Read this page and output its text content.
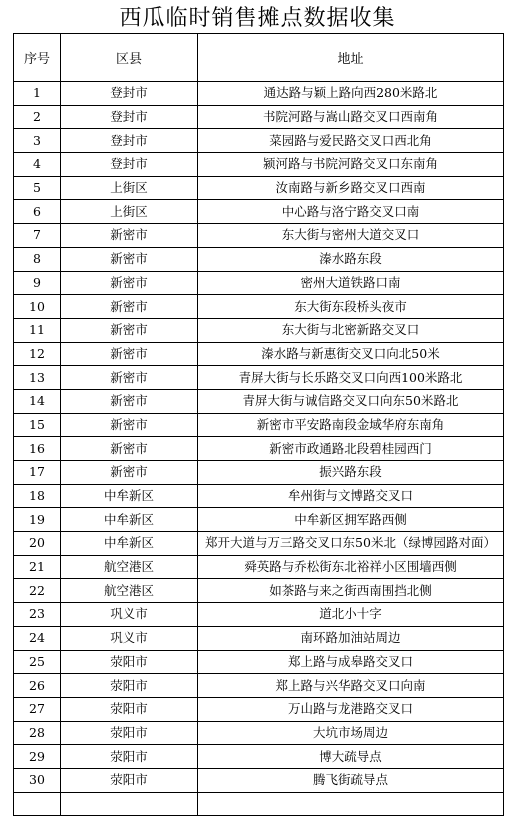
西瓜临时销售摊点数据收集
序号	区县	地址
1	登封市	通达路与颖上路向西280米路北
2	登封市	书院河路与嵩山路交叉口西南角
3	登封市	菜园路与爱民路交叉口西北角
4	登封市	颍河路与书院河路交叉口东南角
5	上街区	汝南路与新乡路交叉口西南
6	上街区	中心路与洛宁路交叉口南
7	新密市	东大街与密州大道交叉口
8	新密市	溱水路东段
9	新密市	密州大道铁路口南
10	新密市	东大街东段桥头夜市
11	新密市	东大街与北密新路交叉口
12	新密市	溱水路与新惠街交叉口向北50米
13	新密市	青屏大街与长乐路交叉口向西100米路北
14	新密市	青屏大街与诚信路交叉口向东50米路北
15	新密市	新密市平安路南段金域华府东南角
16	新密市	新密市政通路北段碧桂园西门
17	新密市	振兴路东段
18	中牟新区	牟州街与文博路交叉口
19	中牟新区	中牟新区拥军路西侧
20	中牟新区	郑开大道与万三路交叉口东50米北（绿博园路对面）

21	航空港区	舜英路与乔松街东北裕祥小区围墙西侧
22	航空港区	如茶路与来之街西南围挡北侧
23	巩义市	道北小十字
24	巩义市	南环路加油站周边
25	荥阳市	郑上路与成皋路交叉口
26	荥阳市	郑上路与兴华路交叉口向南
27	荥阳市	万山路与龙港路交叉口
28	荥阳市	大坑市场周边
29	荥阳市	博大疏导点
30	荥阳市	腾飞街疏导点
